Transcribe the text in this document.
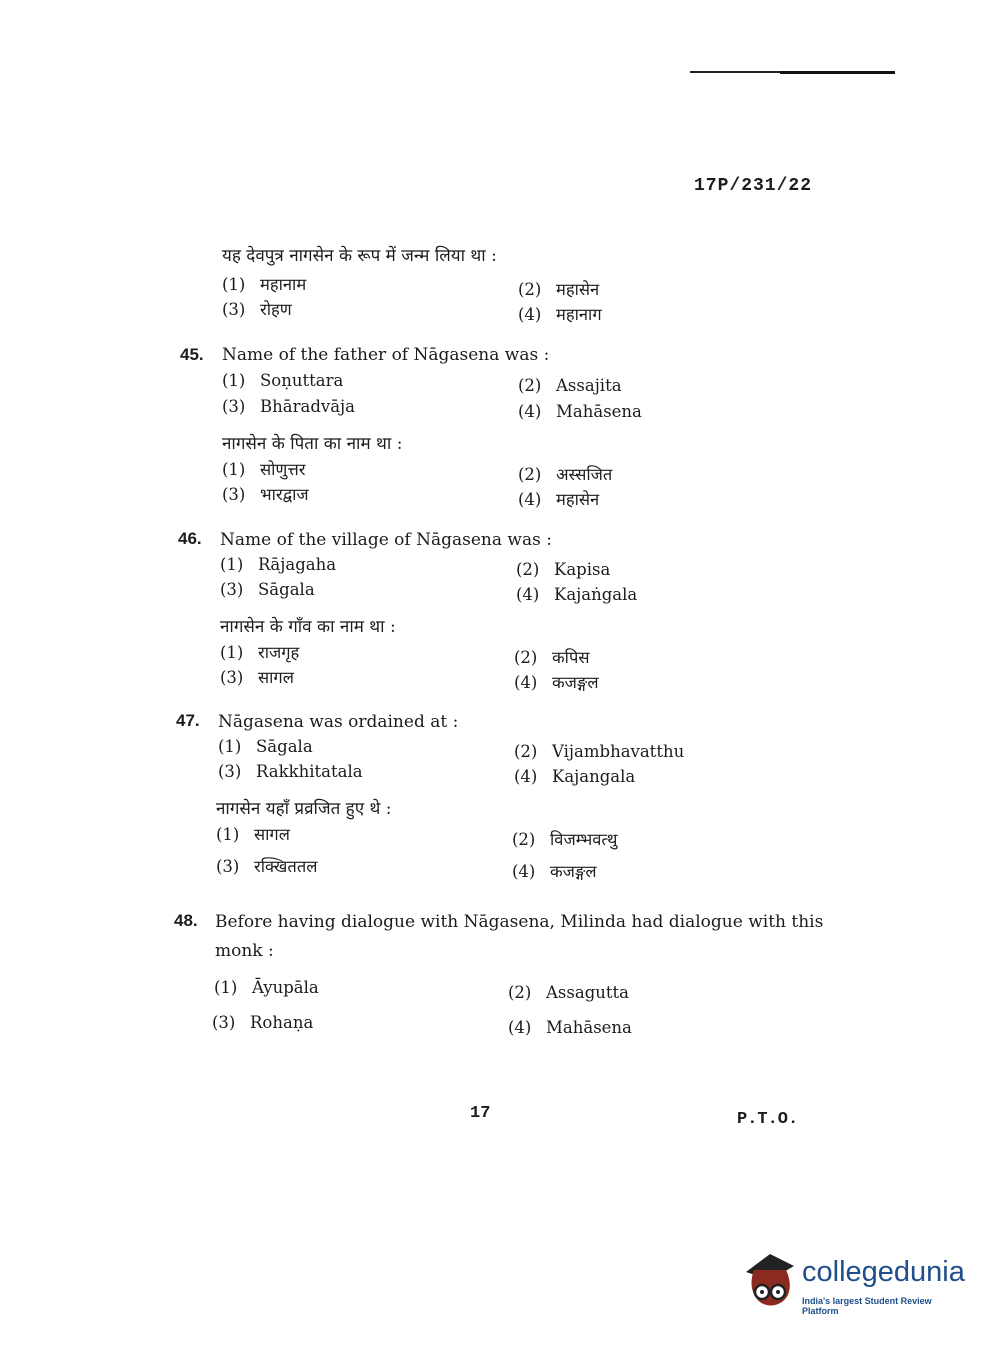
17P/231/22
यह देवपुत्र नागसेन के रूप में जन्म लिया था :
(1) महानाम	(2) महासेन
(3) रोहण	(4) महानाग
45. Name of the father of Nāgasena was :
(1) Soṇuttara	(2) Assajita
(3) Bhāradvāja	(4) Mahāsena
नागसेन के पिता का नाम था :
(1) सोणुत्तर	(2) अस्सजित
(3) भारद्वाज	(4) महासेन
46. Name of the village of Nāgasena was :
(1) Rājagaha	(2) Kapisa
(3) Sāgala	(4) Kajaṅgala
नागसेन के गाँव का नाम था :
(1) राजगृह	(2) कपिस
(3) सागल	(4) कजङ्गल
47. Nāgasena was ordained at :
(1) Sāgala	(2) Vijambhavatthu
(3) Rakkhitatala	(4) Kajangala
नागसेन यहाँ प्रव्रजित हुए थे :
(1) सागल	(2) विजम्भवत्थु
(3) रक्खिततल	(4) कजङ्गल
48. Before having dialogue with Nāgasena, Milinda had dialogue with this
monk :
(1) Āyupāla	(2) Assagutta
(3) Rohaṇa	(4) Mahāsena
17	P.T.O.
collegedunia
India's largest Student Review Platform
